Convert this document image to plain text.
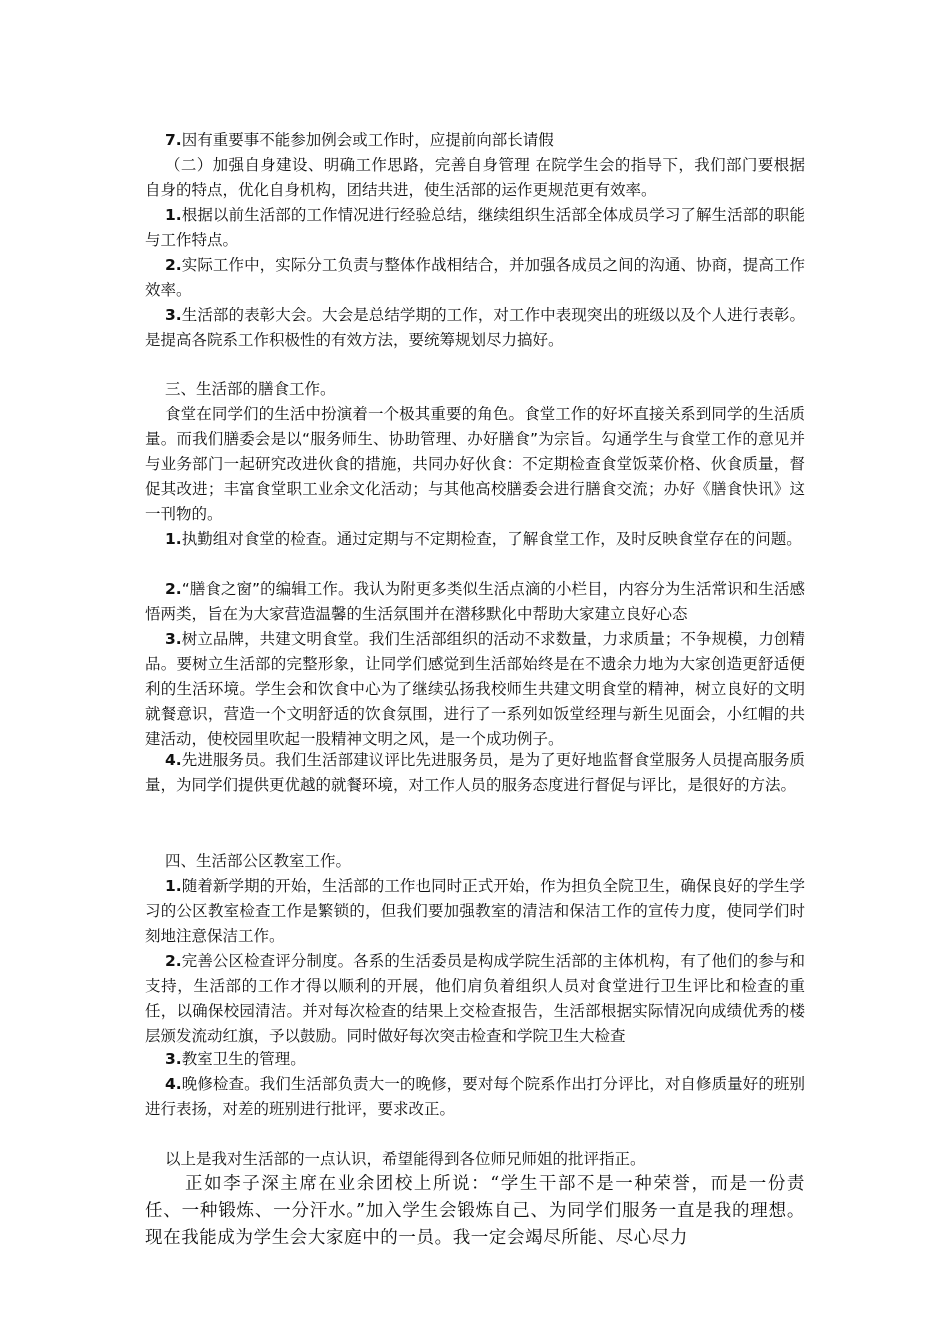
7.因有重要事不能参加例会或工作时，应提前向部长请假

（二）加强自身建设、明确工作思路，完善自身管理 在院学生会的指导下，我们部门要根据自身的特点，优化自身机构，团结共进，使生活部的运作更规范更有效率。

1.根据以前生活部的工作情况进行经验总结，继续组织生活部全体成员学习了解生活部的职能与工作特点。

2.实际工作中，实际分工负责与整体作战相结合，并加强各成员之间的沟通、协商，提高工作效率。

3.生活部的表彰大会。大会是总结学期的工作，对工作中表现突出的班级以及个人进行表彰。是提高各院系工作积极性的有效方法，要统筹规划尽力搞好。

三、生活部的膳食工作。

食堂在同学们的生活中扮演着一个极其重要的角色。食堂工作的好坏直接关系到同学的生活质量。而我们膳委会是以“服务师生、协助管理、办好膳食”为宗旨。勾通学生与食堂工作的意见并与业务部门一起研究改进伙食的措施，共同办好伙食：不定期检查食堂饭菜价格、伙食质量，督促其改进；丰富食堂职工业余文化活动；与其他高校膳委会进行膳食交流；办好《膳食快讯》这一刊物的。

1.执勤组对食堂的检查。通过定期与不定期检查，了解食堂工作，及时反映食堂存在的问题。

2.“膳食之窗”的编辑工作。我认为附更多类似生活点滴的小栏目，内容分为生活常识和生活感悟两类，旨在为大家营造温馨的生活氛围并在潜移默化中帮助大家建立良好心态

3.树立品牌，共建文明食堂。我们生活部组织的活动不求数量，力求质量；不争规模，力创精品。要树立生活部的完整形象，让同学们感觉到生活部始终是在不遗余力地为大家创造更舒适便利的生活环境。学生会和饮食中心为了继续弘扬我校师生共建文明食堂的精神，树立良好的文明就餐意识，营造一个文明舒适的饮食氛围，进行了一系列如饭堂经理与新生见面会，小红帽的共建活动，使校园里吹起一股精神文明之风，是一个成功例子。

4.先进服务员。我们生活部建议评比先进服务员，是为了更好地监督食堂服务人员提高服务质量，为同学们提供更优越的就餐环境，对工作人员的服务态度进行督促与评比，是很好的方法。

四、生活部公区教室工作。

1.随着新学期的开始，生活部的工作也同时正式开始，作为担负全院卫生，确保良好的学生学习的公区教室检查工作是繁锁的，但我们要加强教室的清洁和保洁工作的宣传力度，使同学们时刻地注意保洁工作。

2.完善公区检查评分制度。各系的生活委员是构成学院生活部的主体机构，有了他们的参与和支持，生活部的工作才得以顺利的开展，他们肩负着组织人员对食堂进行卫生评比和检查的重任，以确保校园清洁。并对每次检查的结果上交检查报告，生活部根据实际情况向成绩优秀的楼层颁发流动红旗，予以鼓励。同时做好每次突击检查和学院卫生大检查

3.教室卫生的管理。

4.晚修检查。我们生活部负责大一的晚修，要对每个院系作出打分评比，对自修质量好的班别进行表扬，对差的班别进行批评，要求改正。

以上是我对生活部的一点认识，希望能得到各位师兄师姐的批评指正。

正如李子深主席在业余团校上所说：“学生干部不是一种荣誉，而是一份责任、一种锻炼、一分汗水。”加入学生会锻炼自己、为同学们服务一直是我的理想。现在我能成为学生会大家庭中的一员。我一定会竭尽所能、尽心尽力
